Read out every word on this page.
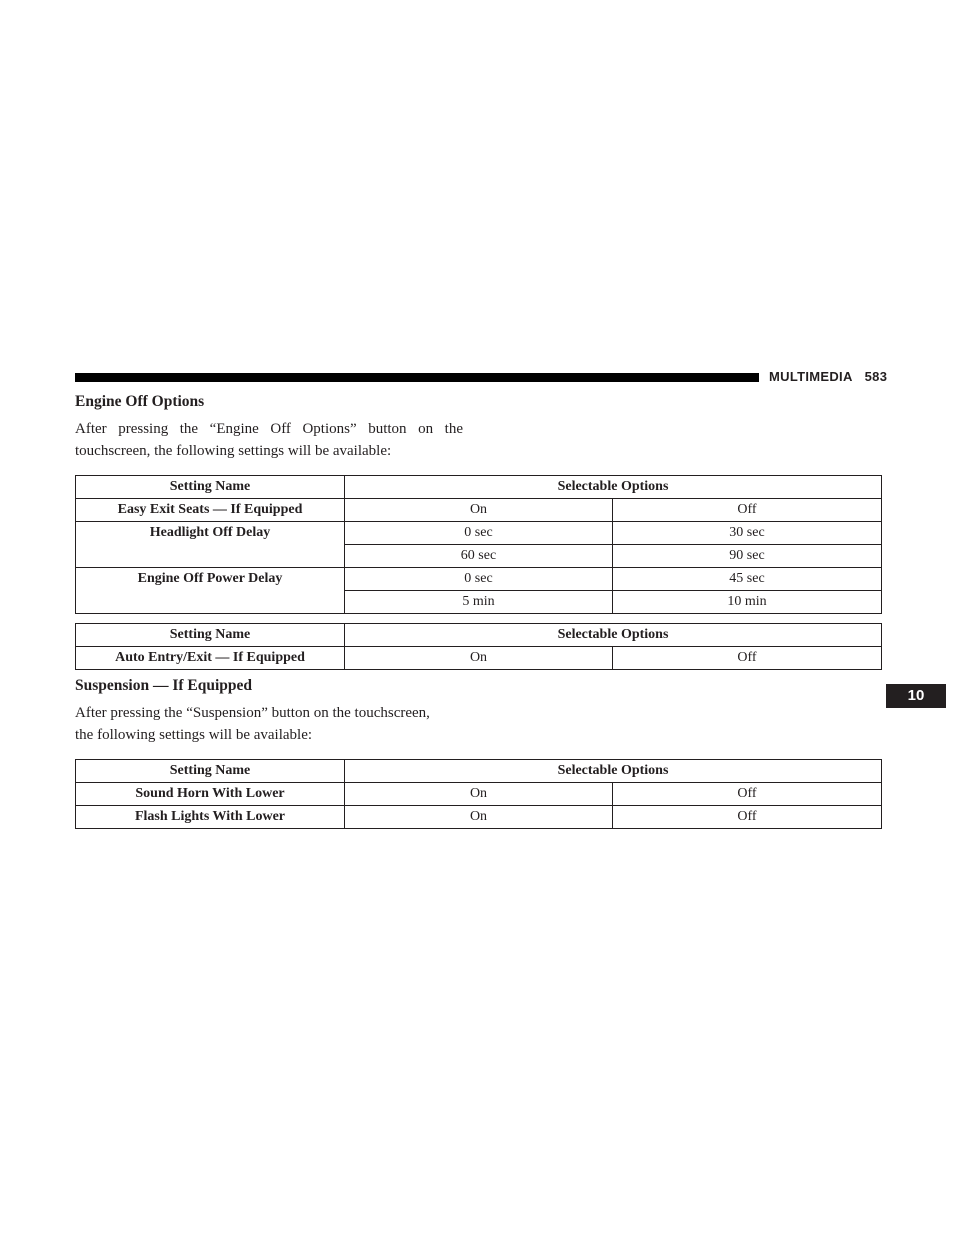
MULTIMEDIA 583
10
Engine Off Options
After pressing the “Engine Off Options” button on the touchscreen, the following settings will be available:
Setting Name	Selectable Options	
Easy Exit Seats — If Equipped	On	Off
Headlight Off Delay	0 sec	30 sec
	60 sec	90 sec
Engine Off Power Delay	0 sec	45 sec
	5 min	10 min
Setting Name	Selectable Options	
Auto Entry/Exit — If Equipped	On	Off
Suspension — If Equipped
After pressing the “Suspension” button on the touchscreen,
the following settings will be available:
Setting Name	Selectable Options	
Sound Horn With Lower	On	Off
Flash Lights With Lower	On	Off
